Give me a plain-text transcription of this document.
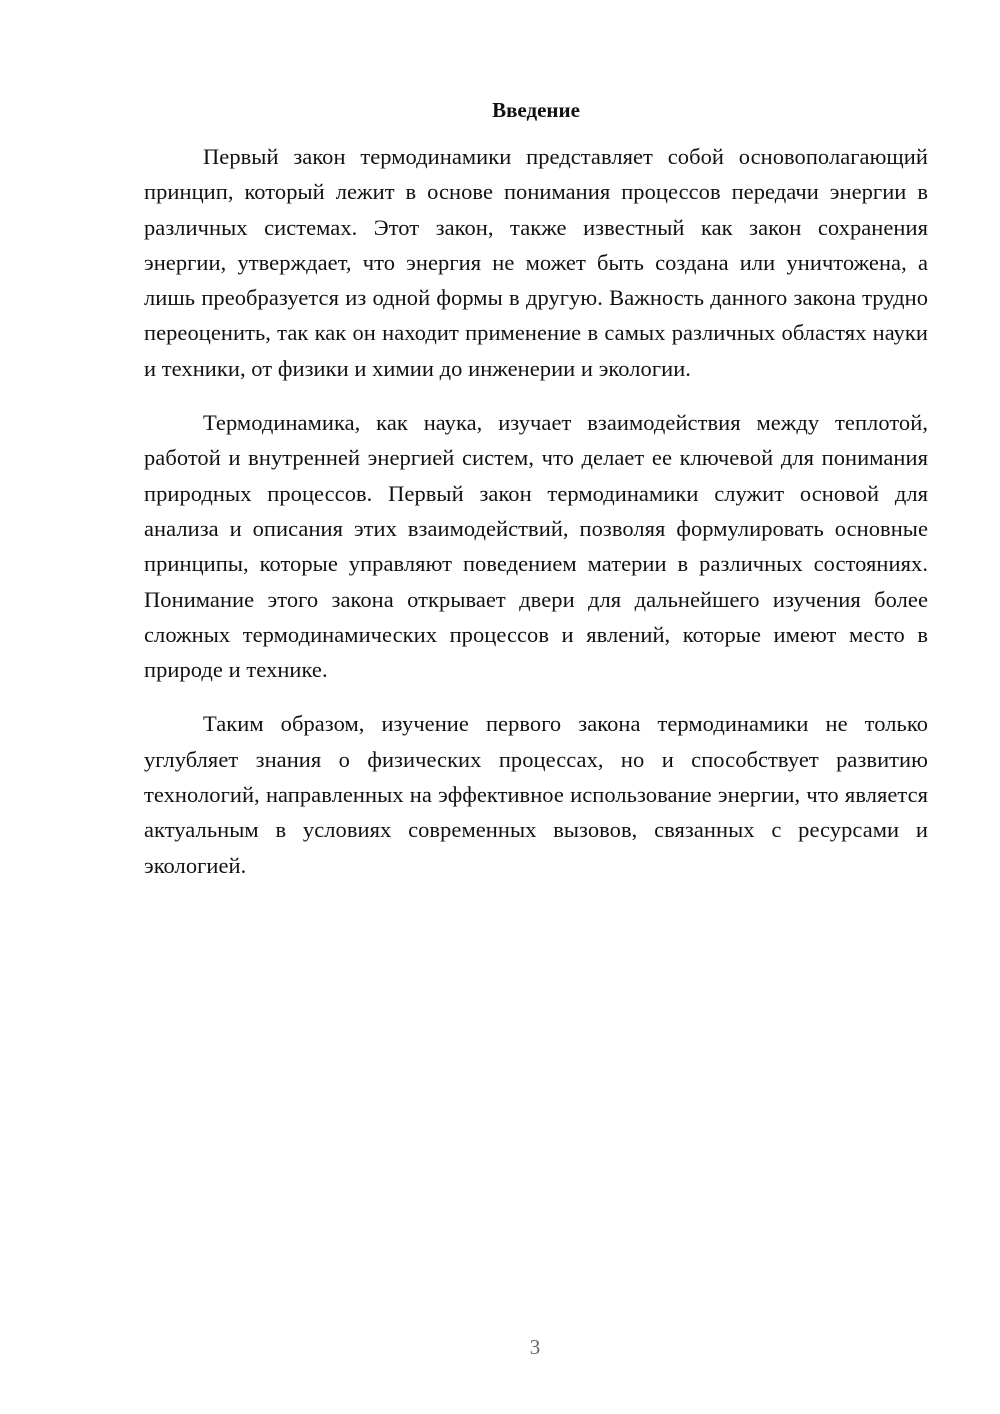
Введение

Первый закон термодинамики представляет собой основополагающий принцип, который лежит в основе понимания процессов передачи энергии в различных системах. Этот закон, также известный как закон сохранения энергии, утверждает, что энергия не может быть создана или уничтожена, а лишь преобразуется из одной формы в другую. Важность данного закона трудно переоценить, так как он находит применение в самых различных областях науки и техники, от физики и химии до инженерии и экологии.

Термодинамика, как наука, изучает взаимодействия между теплотой, работой и внутренней энергией систем, что делает ее ключевой для понимания природных процессов. Первый закон термодинамики служит основой для анализа и описания этих взаимодействий, позволяя формулировать основные принципы, которые управляют поведением материи в различных состояниях. Понимание этого закона открывает двери для дальнейшего изучения более сложных термодинамических процессов и явлений, которые имеют место в природе и технике.

Таким образом, изучение первого закона термодинамики не только углубляет знания о физических процессах, но и способствует развитию технологий, направленных на эффективное использование энергии, что является актуальным в условиях современных вызовов, связанных с ресурсами и экологией.

3
